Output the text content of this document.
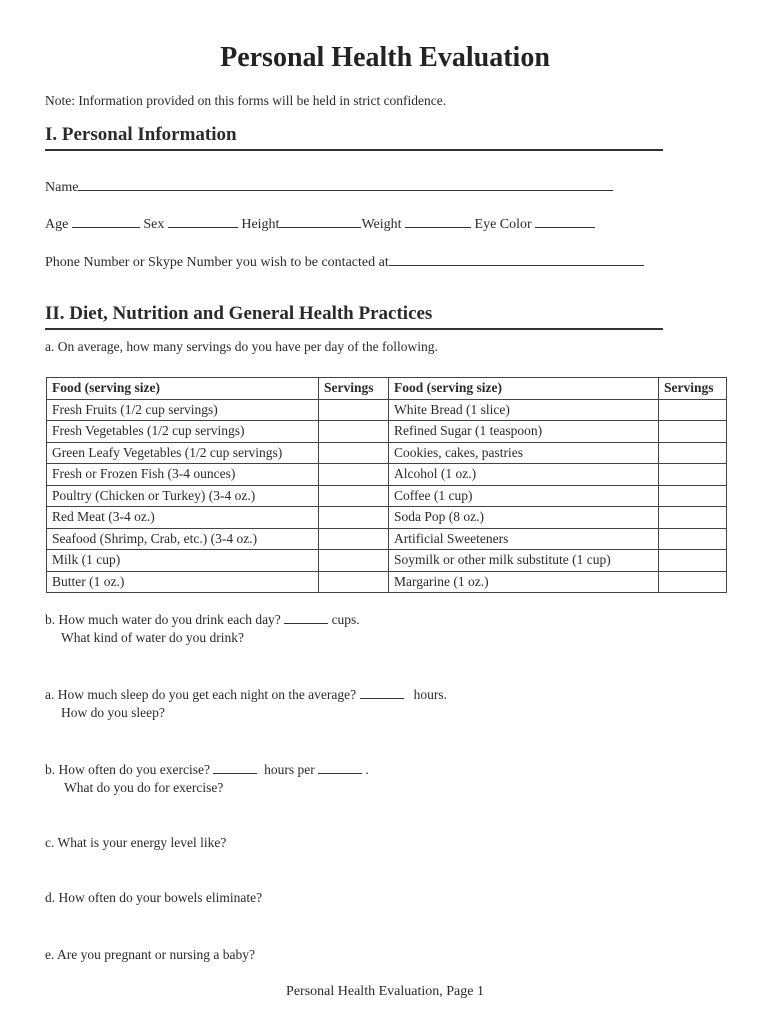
Personal Health Evaluation
Note: Information provided on this forms will be held in strict confidence.
I. Personal Information
Name
Age	Sex	Height	Weight	Eye Color
Phone Number or Skype Number you wish to be contacted at
II. Diet, Nutrition and General Health Practices
a. On average, how many servings do you have per day of the following.
Food (serving size)	Servings	Food (serving size)	Servings
Fresh Fruits (1/2 cup servings)		White Bread (1 slice)	
Fresh Vegetables (1/2 cup servings)		Refined Sugar (1 teaspoon)	
Green Leafy Vegetables (1/2 cup servings)		Cookies, cakes, pastries	
Fresh or Frozen Fish (3-4 ounces)		Alcohol (1 oz.)	
Poultry (Chicken or Turkey) (3-4 oz.)		Coffee (1 cup)	
Red Meat (3-4 oz.)		Soda Pop (8 oz.)	
Seafood (Shrimp, Crab, etc.) (3-4 oz.)		Artificial Sweeteners	
Milk (1 cup)		Soymilk or other milk substitute (1 cup)	
Butter (1 oz.)		Margarine (1 oz.)	
b. How much water do you drink each day?	cups.
What kind of water do you drink?
a. How much sleep do you get each night on the average?	hours.
How do you sleep?
b. How often do you exercise?	hours per	.
What do you do for exercise?
c. What is your energy level like?
d. How often do your bowels eliminate?
e. Are you pregnant or nursing a baby?
Personal Health Evaluation, Page 1
